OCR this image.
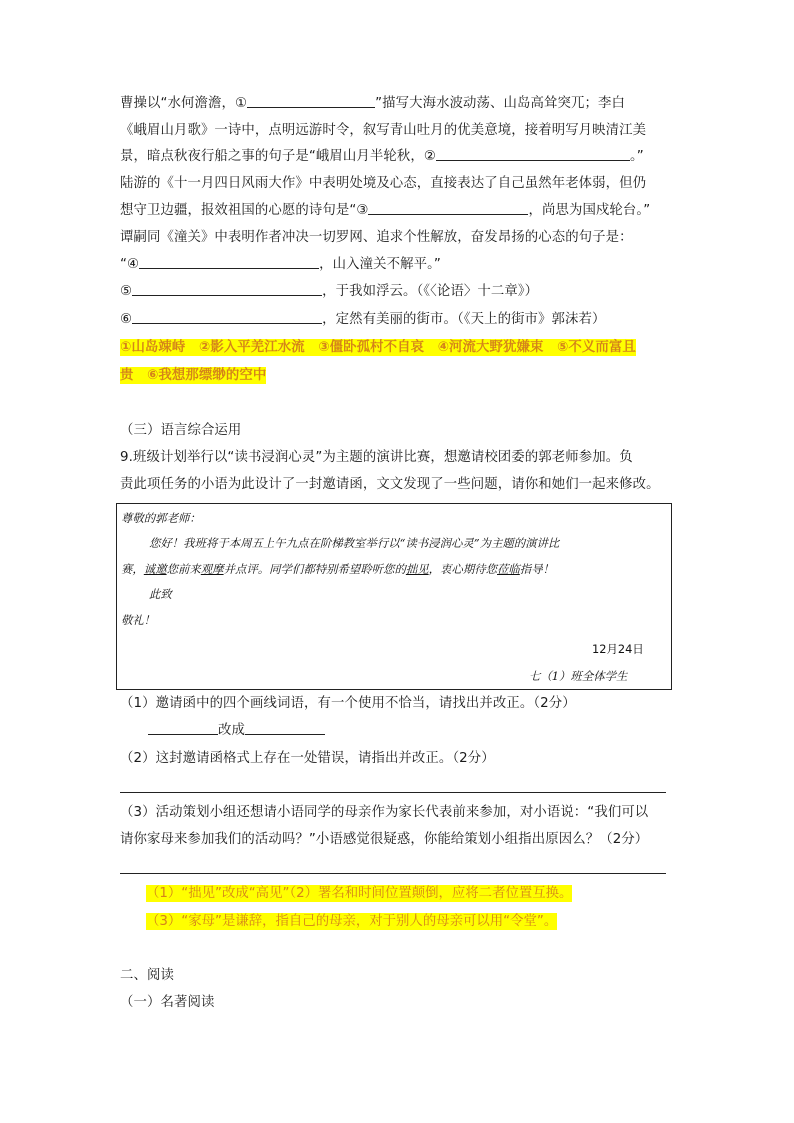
曹操以“水何澹澹，①	”描写大海水波动荡、山岛高耸突兀；李白
《峨眉山月歌》一诗中，点明远游时令，叙写青山吐月的优美意境，接着明写月映清江美
景，暗点秋夜行船之事的句子是“峨眉山月半轮秋，②	。”
陆游的《十一月四日风雨大作》中表明处境及心态，直接表达了自己虽然年老体弱，但仍
想守卫边疆，报效祖国的心愿的诗句是“③	，尚思为国戍轮台。”
谭嗣同《潼关》中表明作者冲决一切罗网、追求个性解放，奋发昂扬的心态的句子是：
“④	，山入潼关不解平。”
⑤	，于我如浮云。（《〈论语〉十二章》）
⑥	，定然有美丽的街市。（《天上的街市》郭沫若）
①山岛竦峙　②影入平羌江水流　③僵卧孤村不自哀　④河流大野犹嫌束　⑤不义而富且
贵　⑥我想那缥缈的空中
（三）语言综合运用
9.班级计划举行以“读书浸润心灵”为主题的演讲比赛，想邀请校团委的郭老师参加。负
责此项任务的小语为此设计了一封邀请函，文文发现了一些问题，请你和她们一起来修改。
尊敬的郭老师：
您好！我班将于本周五上午九点在阶梯教室举行以“读书浸润心灵”为主题的演讲比
赛，诚邀您前来观摩并点评。同学们都特别希望聆听您的拙见，衷心期待您莅临指导！
此致
敬礼！
12月24日
七（1）班全体学生
（1）邀请函中的四个画线词语，有一个使用不恰当，请找出并改正。（2分）
改成
（2）这封邀请函格式上存在一处错误，请指出并改正。（2分）
（3）活动策划小组还想请小语同学的母亲作为家长代表前来参加，对小语说：“我们可以
请你家母来参加我们的活动吗？”小语感觉很疑惑，你能给策划小组指出原因么？（2分）
（1）“拙见”改成“高见”（2）署名和时间位置颠倒，应将二者位置互换。
（3）“家母”是谦辞，指自己的母亲，对于别人的母亲可以用“令堂”。
二、阅读
（一）名著阅读
